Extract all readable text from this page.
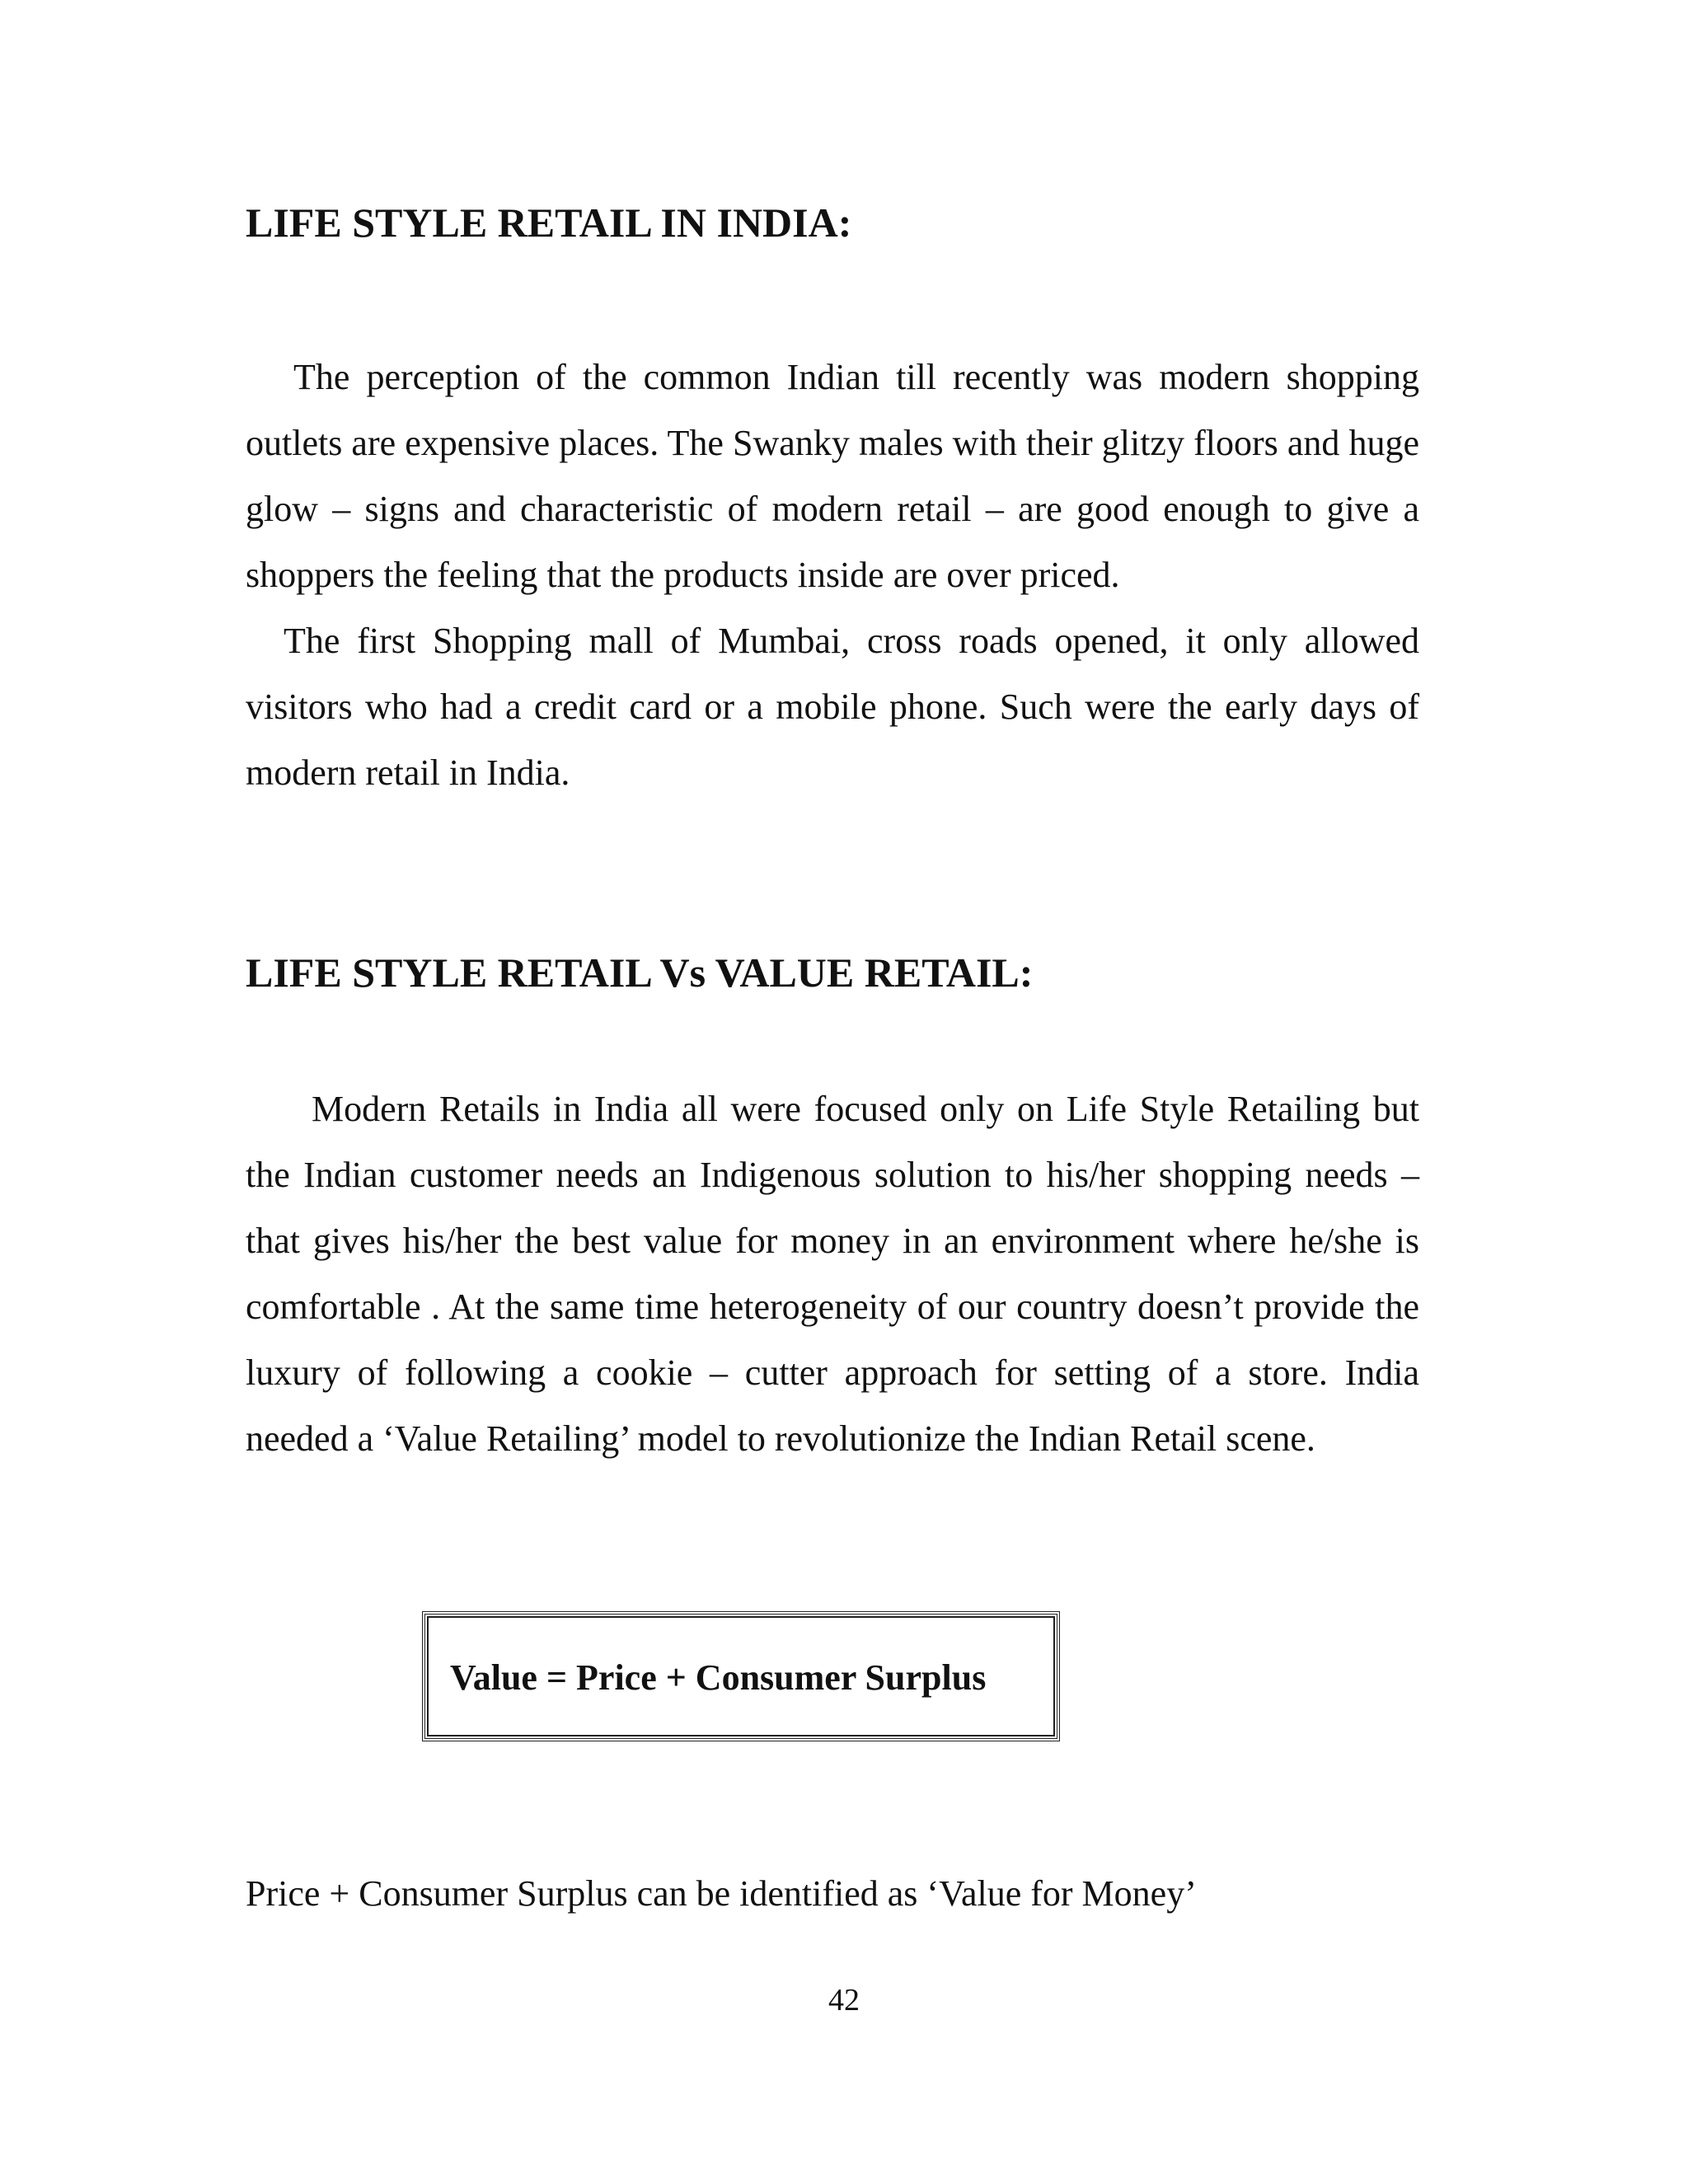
LIFE STYLE RETAIL IN INDIA:

The perception of the common Indian till recently was modern shopping outlets are expensive places. The Swanky males with their glitzy floors and huge glow – signs and characteristic of modern retail – are good enough to give a shoppers the feeling that the products inside are over priced.

The first Shopping mall of Mumbai, cross roads opened, it only allowed visitors who had a credit card or a mobile phone. Such were the early days of modern retail in India.

LIFE STYLE RETAIL Vs VALUE RETAIL:

Modern Retails in India all were focused only on Life Style Retailing but the Indian customer needs an Indigenous solution to his/her shopping needs –that gives his/her the best value for money in an environment where he/she is comfortable . At the same time heterogeneity of our country doesn’t provide the luxury of following a cookie – cutter approach for setting of a store. India needed a ‘Value Retailing’ model to revolutionize the Indian Retail scene.

Value = Price + Consumer Surplus

Price + Consumer Surplus can be identified as ‘Value for Money’

42
